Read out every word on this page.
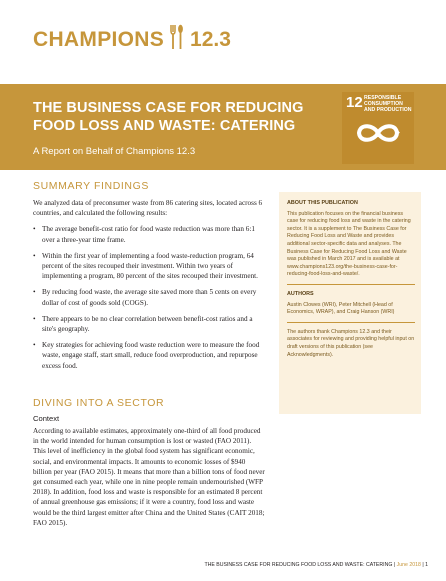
CHAMPIONS 12.3
THE BUSINESS CASE FOR REDUCING FOOD LOSS AND WASTE: CATERING
A Report on Behalf of Champions 12.3
12 RESPONSIBLE CONSUMPTION AND PRODUCTION
SUMMARY FINDINGS

We analyzed data of preconsumer waste from 86 catering sites, located across 6 countries, and calculated the following results:

• The average benefit-cost ratio for food waste reduction was more than 6:1 over a three-year time frame.
• Within the first year of implementing a food waste-reduction program, 64 percent of the sites recouped their investment. Within two years of implementing a program, 80 percent of the sites recouped their investment.
• By reducing food waste, the average site saved more than 5 cents on every dollar of cost of goods sold (COGS).
• There appears to be no clear correlation between benefit-cost ratios and a site's geography.
• Key strategies for achieving food waste reduction were to measure the food waste, engage staff, start small, reduce food overproduction, and repurpose excess food.
DIVING INTO A SECTOR
Context

According to available estimates, approximately one-third of all food produced in the world intended for human consumption is lost or wasted (FAO 2011). This level of inefficiency in the global food system has significant economic, social, and environmental impacts. It amounts to economic losses of $940 billion per year (FAO 2015). It means that more than a billion tons of food never get consumed each year, while one in nine people remain undernourished (WFP 2018). In addition, food loss and waste is responsible for an estimated 8 percent of annual greenhouse gas emissions; if it were a country, food loss and waste would be the third largest emitter after China and the United States (CAIT 2018; FAO 2015).

ABOUT THIS PUBLICATION

This publication focuses on the financial business case for reducing food loss and waste in the catering sector. It is a supplement to The Business Case for Reducing Food Loss and Waste and provides additional sector-specific data and analyses. The Business Case for Reducing Food Loss and Waste was published in March 2017 and is available at www.champions123.org/the-business-case-for-reducing-food-loss-and-waste/.

AUTHORS

Austin Clowes (WRI), Peter Mitchell (Head of Economics, WRAP), and Craig Hanson (WRI)

The authors thank Champions 12.3 and their associates for reviewing and providing helpful input on draft versions of this publication (see Acknowledgments).

THE BUSINESS CASE FOR REDUCING FOOD LOSS AND WASTE: CATERING | June 2018 | 1
